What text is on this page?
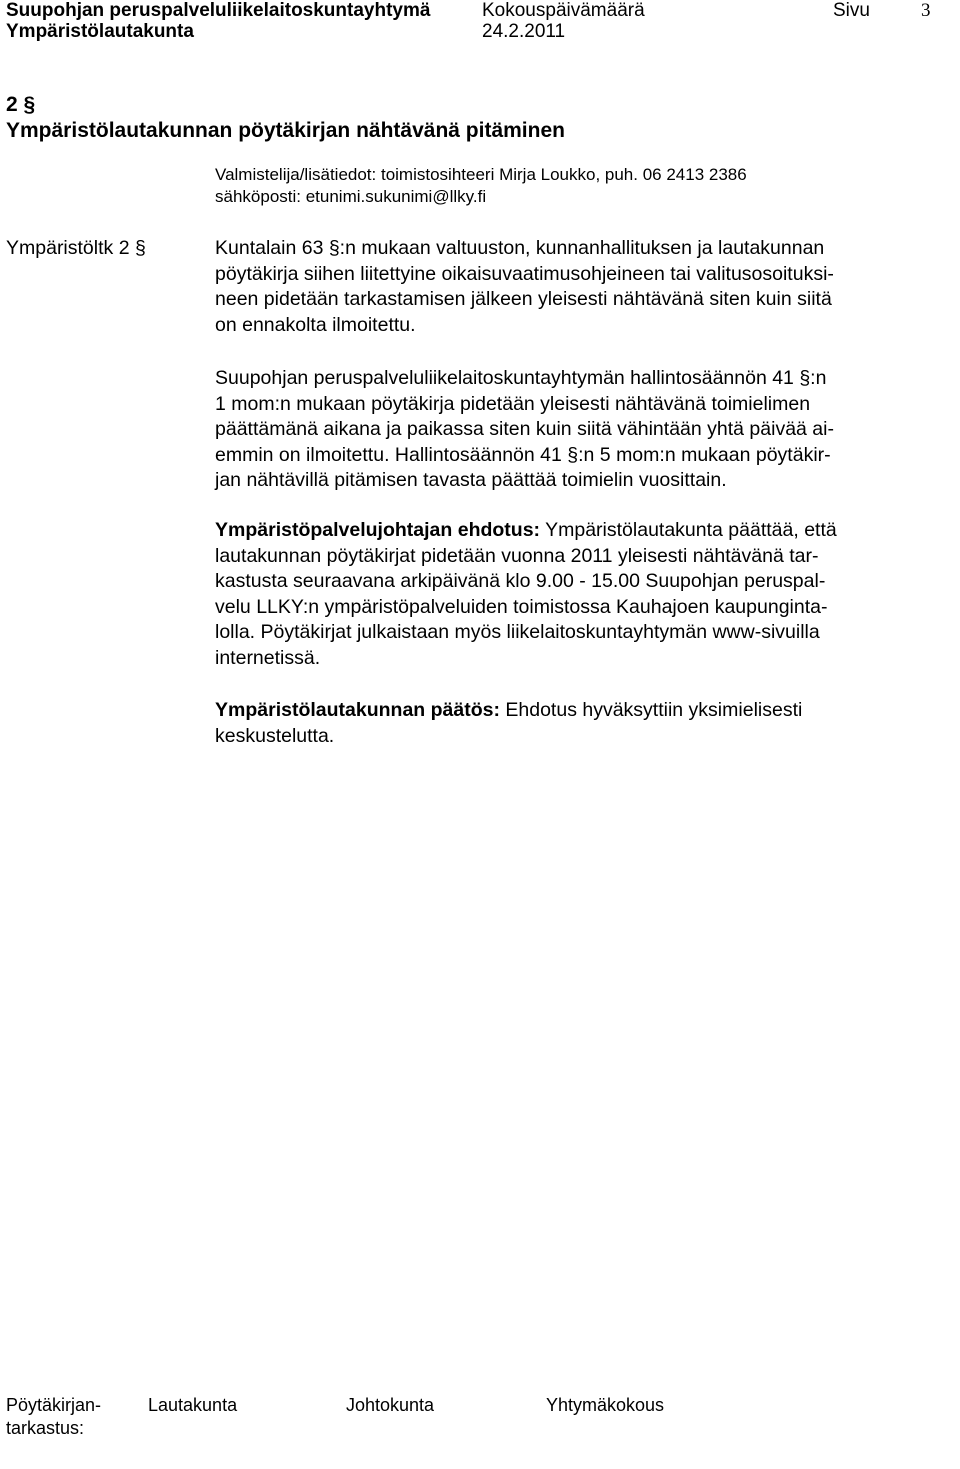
Suupohjan peruspalveluliikelaitoskuntayhtymä	Kokouspäivämäärä	Sivu	3
Ympäristölautakunta	24.2.2011
2 §
Ympäristölautakunnan pöytäkirjan nähtävänä pitäminen
Valmistelija/lisätiedot: toimistosihteeri Mirja Loukko, puh. 06 2413 2386
sähköposti: etunimi.sukunimi@llky.fi
Ympäristöltk 2 §	Kuntalain 63 §:n mukaan valtuuston, kunnanhallituksen ja lautakunnan
pöytäkirja siihen liitettyine oikaisuvaatimusohjeineen tai valitusosoituksi-
neen pidetään tarkastamisen jälkeen yleisesti nähtävänä siten kuin siitä
on ennakolta ilmoitettu.
Suupohjan peruspalveluliikelaitoskuntayhtymän hallintosäännön 41 §:n
1 mom:n mukaan pöytäkirja pidetään yleisesti nähtävänä toimielimen
päättämänä aikana ja paikassa siten kuin siitä vähintään yhtä päivää ai-
emmin on ilmoitettu. Hallintosäännön 41 §:n 5 mom:n mukaan pöytäkir-
jan nähtävillä pitämisen tavasta päättää toimielin vuosittain.
Ympäristöpalvelujohtajan ehdotus: Ympäristölautakunta päättää, että
lautakunnan pöytäkirjat pidetään vuonna 2011 yleisesti nähtävänä tar-
kastusta seuraavana arkipäivänä klo 9.00 - 15.00 Suupohjan peruspal-
velu LLKY:n ympäristöpalveluiden toimistossa Kauhajoen kaupunginta-
lolla. Pöytäkirjat julkaistaan myös liikelaitoskuntayhtymän www-sivuilla
internetissä.
Ympäristölautakunnan päätös: Ehdotus hyväksyttiin yksimielisesti
keskustelutta.
Pöytäkirjan-
tarkastus:
Lautakunta	Johtokunta	Yhtymäkokous
